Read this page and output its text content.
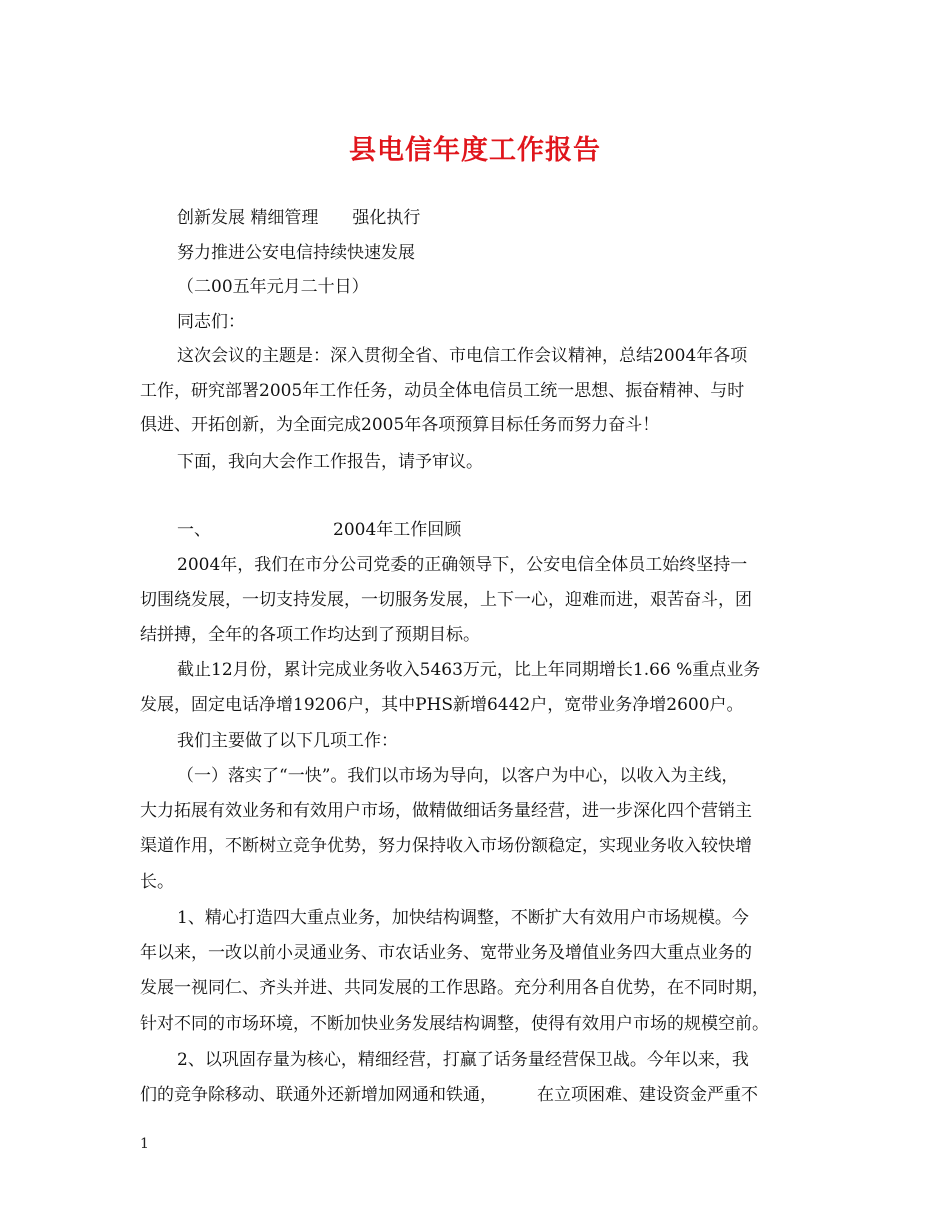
县电信年度工作报告
创新发展 精细管理 强化执行
努力推进公安电信持续快速发展
（二00五年元月二十日）
同志们：
这次会议的主题是：深入贯彻全省、市电信工作会议精神，总结2004年各项
工作，研究部署2005年工作任务，动员全体电信员工统一思想、振奋精神、与时
俱进、开拓创新，为全面完成2005年各项预算目标任务而努力奋斗！
下面，我向大会作工作报告，请予审议。
一、	2004年工作回顾
2004年，我们在市分公司党委的正确领导下，公安电信全体员工始终坚持一
切围绕发展，一切支持发展，一切服务发展，上下一心，迎难而进，艰苦奋斗，团
结拼搏，全年的各项工作均达到了预期目标。
截止12月份，累计完成业务收入5463万元，比上年同期增长1.66 %重点业务
发展，固定电话净增19206户，其中PHS新增6442户，宽带业务净增2600户。
我们主要做了以下几项工作：
（一）落实了“一快”。我们以市场为导向，以客户为中心，以收入为主线，
大力拓展有效业务和有效用户市场，做精做细话务量经营，进一步深化四个营销主
渠道作用，不断树立竞争优势，努力保持收入市场份额稳定，实现业务收入较快增
长。
1、精心打造四大重点业务，加快结构调整，不断扩大有效用户市场规模。今
年以来，一改以前小灵通业务、市农话业务、宽带业务及增值业务四大重点业务的
发展一视同仁、齐头并进、共同发展的工作思路。充分利用各自优势，在不同时期，
针对不同的市场环境，不断加快业务发展结构调整，使得有效用户市场的规模空前。
2、以巩固存量为核心，精细经营，打赢了话务量经营保卫战。今年以来，我
们的竞争除移动、联通外还新增加网通和铁通， 在立项困难、建设资金严重不
1
